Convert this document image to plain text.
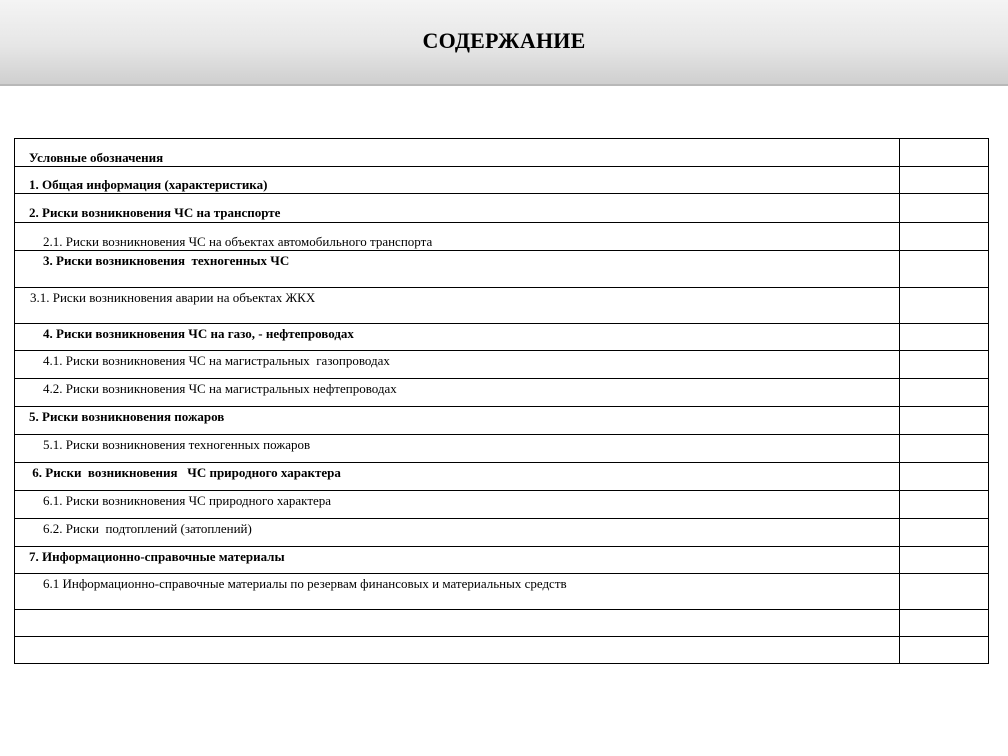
СОДЕРЖАНИЕ
Условные обозначения	

1. Общая информация (характеристика)	

2. Риски возникновения ЧС на транспорте	

2.1. Риски возникновения ЧС на объектах автомобильного транспорта	

3. Риски возникновения  техногенных ЧС	

3.1. Риски возникновения аварии на объектах ЖКХ	

4. Риски возникновения ЧС на газо, - нефтепроводах	

4.1. Риски возникновения ЧС на магистральных  газопроводах	

4.2. Риски возникновения ЧС на магистральных нефтепроводах	

5. Риски возникновения пожаров	

5.1. Риски возникновения техногенных пожаров	

6. Риски  возникновения   ЧС природного характера	

6.1. Риски возникновения ЧС природного характера	

6.2. Риски  подтоплений (затоплений)	

7. Информационно-справочные материалы	

6.1 Информационно-справочные материалы по резервам финансовых и материальных средств	
